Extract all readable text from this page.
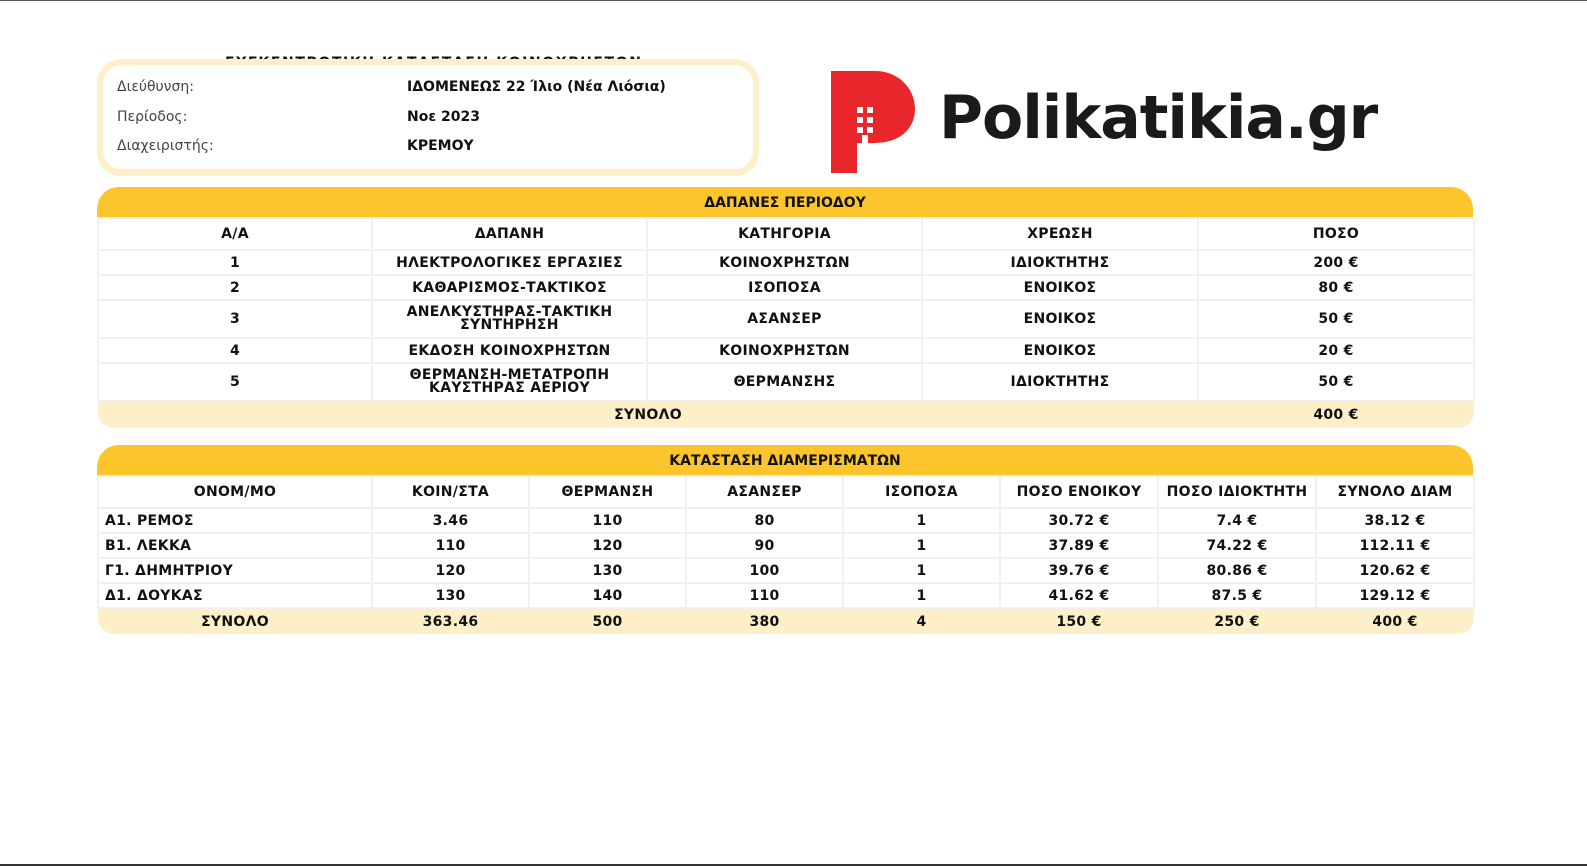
Διεύθυνση:	ΙΔΟΜΕΝΕΩΣ 22 Ίλιο (Νέα Λιόσια)
Περίοδος:	Νοε 2023
Διαχειριστής:	ΚΡΕΜΟΥ	Polikatikia.gr
ΔΑΠΑΝΕΣ ΠΕΡΙΟΔΟΥ
Α/Α	ΔΑΠΑΝΗ	ΚΑΤΗΓΟΡΙΑ	ΧΡΕΩΣΗ	ΠΟΣΟ
1	ΗΛΕΚΤΡΟΛΟΓΙΚΕΣ ΕΡΓΑΣΙΕΣ	ΚΟΙΝΟΧΡΗΣΤΩΝ	ΙΔΙΟΚΤΗΤΗΣ	200 €
2	ΚΑΘΑΡΙΣΜΟΣ-ΤΑΚΤΙΚΟΣ	ΙΣΟΠΟΣΑ	ΕΝΟΙΚΟΣ	80 €
3	ΑΝΕΛΚΥΣΤΗΡΑΣ-ΤΑΚΤΙΚΗ ΣΥΝΤΗΡΗΣΗ	ΑΣΑΝΣΕΡ	ΕΝΟΙΚΟΣ	50 €
4	ΕΚΔΟΣΗ ΚΟΙΝΟΧΡΗΣΤΩΝ	ΚΟΙΝΟΧΡΗΣΤΩΝ	ΕΝΟΙΚΟΣ	20 €
5	ΘΕΡΜΑΝΣΗ-ΜΕΤΑΤΡΟΠΗ ΚΑΥΣΤΗΡΑΣ ΑΕΡΙΟΥ	ΘΕΡΜΑΝΣΗΣ	ΙΔΙΟΚΤΗΤΗΣ	50 €
ΣΥΝΟΛΟ				400 €
ΚΑΤΑΣΤΑΣΗ ΔΙΑΜΕΡΙΣΜΑΤΩΝ
ΟΝΟΜ/ΜΟ	ΚΟΙΝ/ΣΤΑ	ΘΕΡΜΑΝΣΗ	ΑΣΑΝΣΕΡ	ΙΣΟΠΟΣΑ	ΠΟΣΟ ΕΝΟΙΚΟΥ	ΠΟΣΟ ΙΔΙΟΚΤΗΤΗ	ΣΥΝΟΛΟ ΔΙΑΜ
Α1. ΡΕΜΟΣ	3.46	110	80	1	30.72 €	7.4 €	38.12 €
Β1. ΛΕΚΚΑ	110	120	90	1	37.89 €	74.22 €	112.11 €
Γ1. ΔΗΜΗΤΡΙΟΥ	120	130	100	1	39.76 €	80.86 €	120.62 €
Δ1. ΔΟΥΚΑΣ	130	140	110	1	41.62 €	87.5 €	129.12 €
ΣΥΝΟΛΟ	363.46	500	380	4	150 €	250 €	400 €
